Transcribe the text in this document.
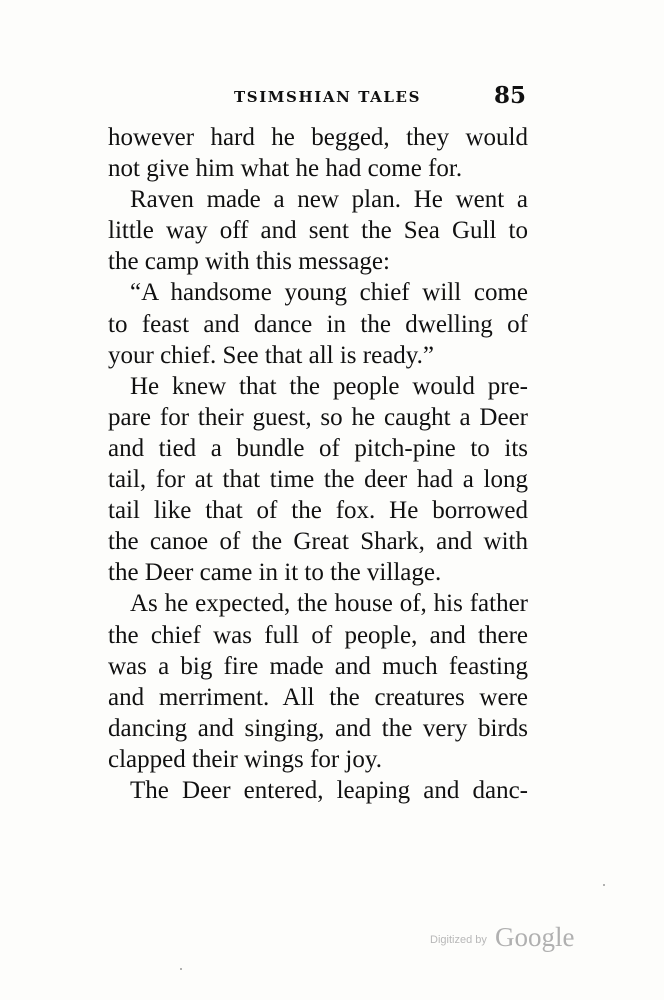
TSIMSHIAN TALES	85
however hard he begged, they would
not give him what he had come for.
Raven made a new plan. He went a
little way off and sent the Sea Gull to
the camp with this message:
“A handsome young chief will come
to feast and dance in the dwelling of
your chief. See that all is ready.”
He knew that the people would pre-
pare for their guest, so he caught a Deer
and tied a bundle of pitch-pine to its
tail, for at that time the deer had a long
tail like that of the fox. He borrowed
the canoe of the Great Shark, and with
the Deer came in it to the village.
As he expected, the house of, his father
the chief was full of people, and there
was a big fire made and much feasting
and merriment. All the creatures were
dancing and singing, and the very birds
clapped their wings for joy.
The Deer entered, leaping and danc-
Digitized by Google
